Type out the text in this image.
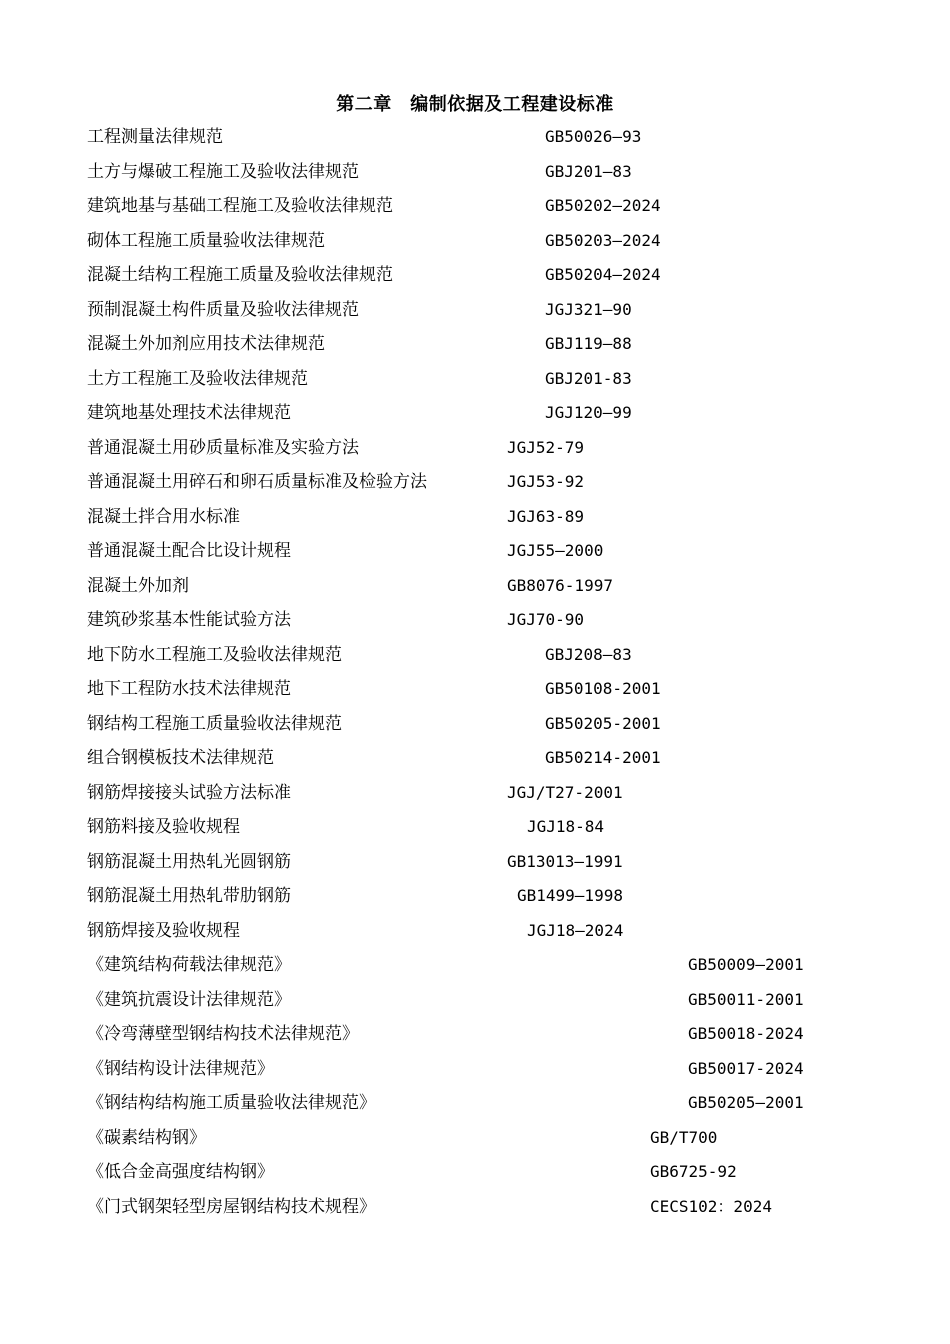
第二章　编制依据及工程建设标准
工程测量法律规范	GB50026—93
土方与爆破工程施工及验收法律规范	GBJ201—83
建筑地基与基础工程施工及验收法律规范	GB50202—2024
砌体工程施工质量验收法律规范	GB50203—2024
混凝土结构工程施工质量及验收法律规范	GB50204—2024
预制混凝土构件质量及验收法律规范	JGJ321—90
混凝土外加剂应用技术法律规范	GBJ119—88
土方工程施工及验收法律规范	GBJ201-83
建筑地基处理技术法律规范	JGJ120—99
普通混凝土用砂质量标准及实验方法	JGJ52-79
普通混凝土用碎石和卵石质量标准及检验方法	JGJ53-92
混凝土拌合用水标准	JGJ63-89
普通混凝土配合比设计规程	JGJ55—2000
混凝土外加剂	GB8076-1997
建筑砂浆基本性能试验方法	JGJ70-90
地下防水工程施工及验收法律规范	GBJ208—83
地下工程防水技术法律规范	GB50108-2001
钢结构工程施工质量验收法律规范	GB50205-2001
组合钢模板技术法律规范	GB50214-2001
钢筋焊接接头试验方法标准	JGJ/T27-2001
钢筋料接及验收规程	JGJ18-84
钢筋混凝土用热轧光圆钢筋	GB13013—1991
钢筋混凝土用热轧带肋钢筋	GB1499—1998
钢筋焊接及验收规程	JGJ18—2024
《建筑结构荷载法律规范》	GB50009—2001
《建筑抗震设计法律规范》	GB50011-2001
《冷弯薄壁型钢结构技术法律规范》	GB50018-2024
《钢结构设计法律规范》	GB50017-2024
《钢结构结构施工质量验收法律规范》	GB50205—2001
《碳素结构钢》	GB/T700
《低合金高强度结构钢》	GB6725-92
《门式钢架轻型房屋钢结构技术规程》	CECS102：2024
